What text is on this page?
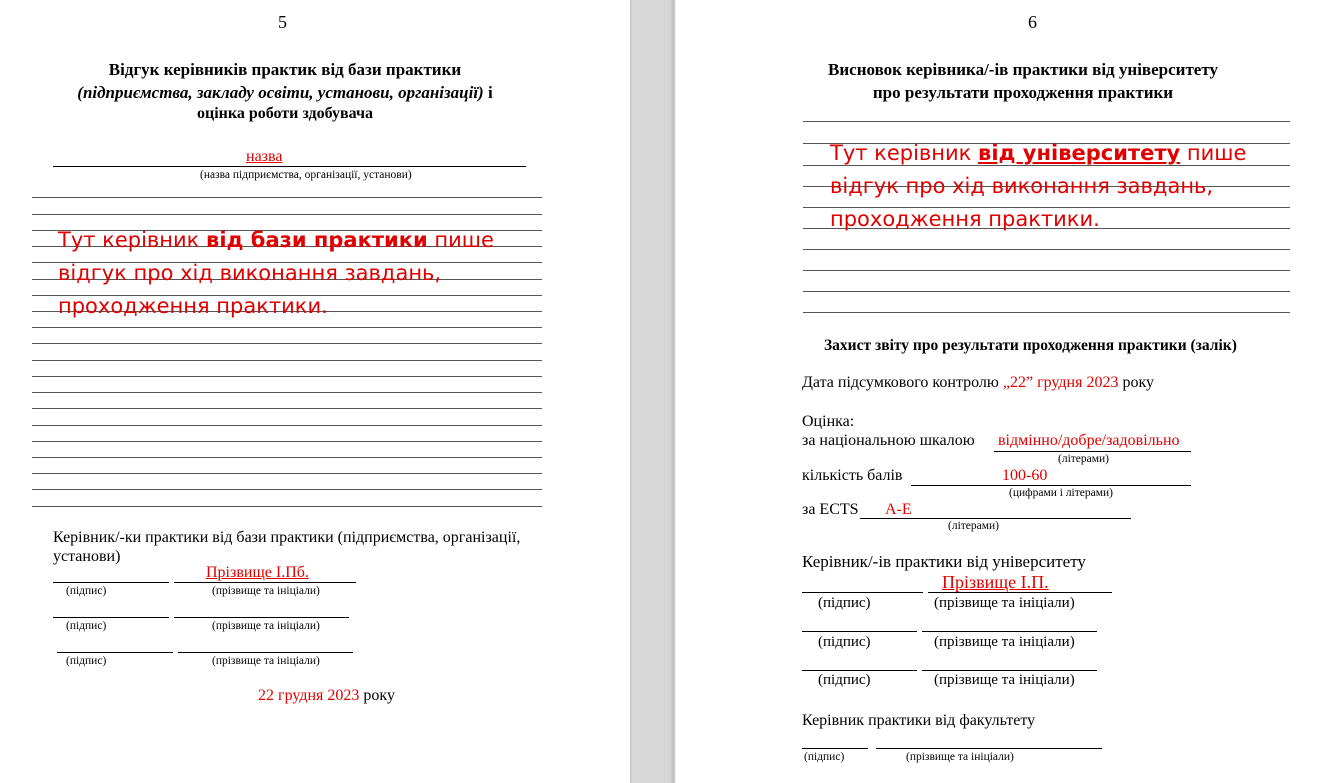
5
Відгук керівників практик від бази практики
(підприємства, закладу освіти, установи, організації) і
оцінка роботи здобувача
назва
(назва підприємства, організації, установи)
Тут керівник від бази практики пише відгук про хід виконання завдань, проходження практики.
Керівник/-ки практики від бази практики (підприємства, організації, установи)
Прізвище І.Пб.
(підпис)	(прізвище та ініціали)
(підпис)	(прізвище та ініціали)
(підпис)	(прізвище та ініціали)
22 грудня 2023 року
6
Висновок керівника/-ів практики від університету
про результати проходження практики
Тут керівник від університету пише відгук про хід виконання завдань, проходження практики.
Захист звіту про результати проходження практики (залік)
Дата підсумкового контролю „22” грудня 2023 року
Оцінка:
за національною шкалою відмінно/добре/задовільно
(літерами)
кількість балів	100-60
(цифрами і літерами)
за ECTS A-E
(літерами)
Керівник/-ів практики від університету
Прізвище І.П.
(підпис)	(прізвище та ініціали)
(підпис)	(прізвище та ініціали)
(підпис)	(прізвище та ініціали)
Керівник практики від факультету
(підпис)	(прізвище та ініціали)
